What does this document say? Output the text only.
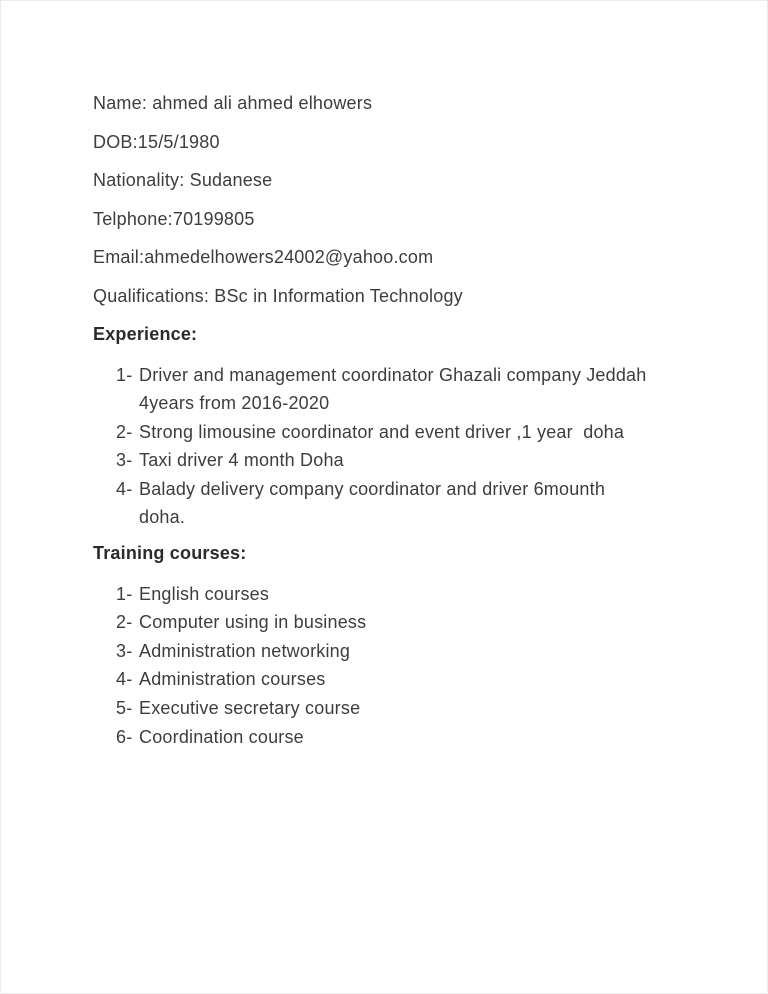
Name: ahmed ali ahmed elhowers

DOB:15/5/1980

Nationality: Sudanese

Telphone:70199805

Email:ahmedelhowers24002@yahoo.com

Qualifications: BSc in Information Technology

Experience:

1- Driver and management coordinator Ghazali company Jeddah
4years from 2016-2020
2- Strong limousine coordinator and event driver ,1 year  doha
3- Taxi driver 4 month Doha
4- Balady delivery company coordinator and driver 6mounth
doha.

Training courses:

1- English courses
2- Computer using in business
3- Administration networking
4- Administration courses
5- Executive secretary course
6- Coordination course
